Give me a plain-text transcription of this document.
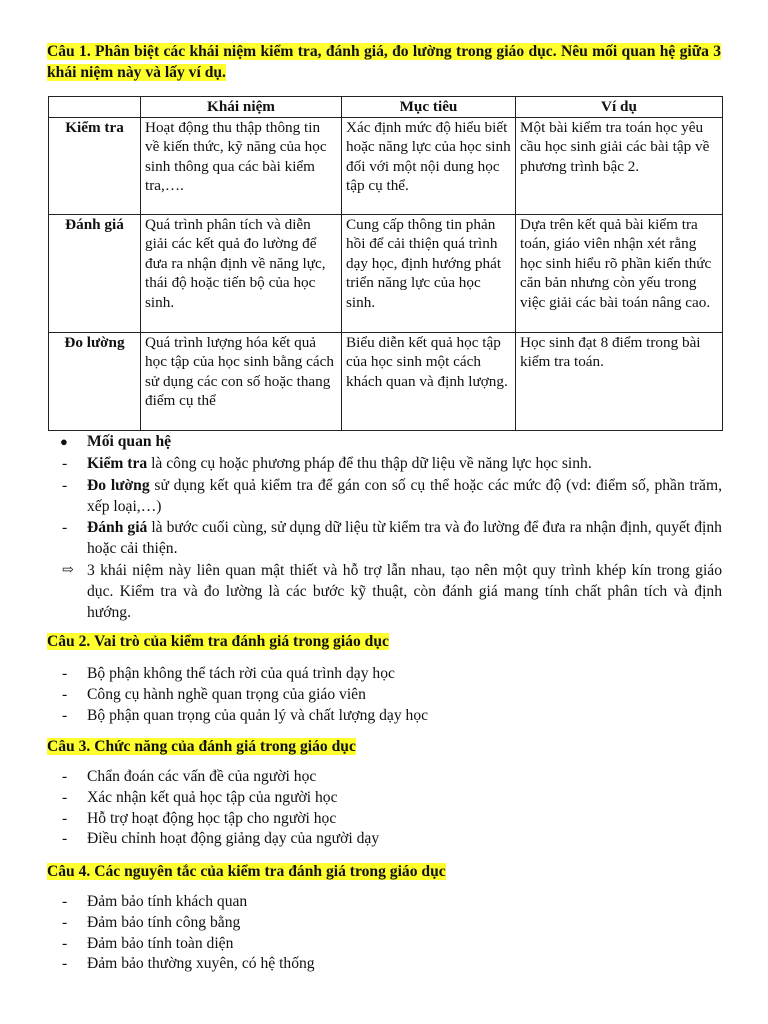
Câu 1. Phân biệt các khái niệm kiểm tra, đánh giá, đo lường trong giáo dục. Nêu mối quan hệ giữa 3 khái niệm này và lấy ví dụ.
	Khái niệm	Mục tiêu	Ví dụ
Kiểm tra	Hoạt động thu thập thông tin về kiến thức, kỹ năng của học sinh thông qua các bài kiểm tra,….	Xác định mức độ hiểu biết hoặc năng lực của học sinh đối với một nội dung học tập cụ thể.	Một bài kiểm tra toán học yêu cầu học sinh giải các bài tập về phương trình bậc 2.
Đánh giá	Quá trình phân tích và diễn giải các kết quả đo lường để đưa ra nhận định về năng lực, thái độ hoặc tiến bộ của học sinh.	Cung cấp thông tin phản hồi để cải thiện quá trình dạy học, định hướng phát triển năng lực của học sinh.	Dựa trên kết quả bài kiểm tra toán, giáo viên nhận xét rằng học sinh hiểu rõ phần kiến thức căn bản nhưng còn yếu trong việc giải các bài toán nâng cao.
Đo lường	Quá trình lượng hóa kết quả học tập của học sinh bằng cách sử dụng các con số hoặc thang điểm cụ thể	Biểu diễn kết quả học tập của học sinh một cách khách quan và định lượng.	Học sinh đạt 8 điểm trong bài kiểm tra toán.
● Mối quan hệ
- Kiểm tra là công cụ hoặc phương pháp để thu thập dữ liệu về năng lực học sinh.
- Đo lường sử dụng kết quả kiểm tra để gán con số cụ thể hoặc các mức độ (vd: điểm số, phần trăm, xếp loại,…)
- Đánh giá là bước cuối cùng, sử dụng dữ liệu từ kiểm tra và đo lường để đưa ra nhận định, quyết định hoặc cải thiện.
⇨ 3 khái niệm này liên quan mật thiết và hỗ trợ lẫn nhau, tạo nên một quy trình khép kín trong giáo dục. Kiểm tra và đo lường là các bước kỹ thuật, còn đánh giá mang tính chất phân tích và định hướng.
Câu 2. Vai trò của kiểm tra đánh giá trong giáo dục
- Bộ phận không thể tách rời của quá trình dạy học
- Công cụ hành nghề quan trọng của giáo viên
- Bộ phận quan trọng của quản lý và chất lượng dạy học
Câu 3. Chức năng của đánh giá trong giáo dục
- Chẩn đoán các vấn đề của người học
- Xác nhận kết quả học tập của người học
- Hỗ trợ hoạt động học tập cho người học
- Điều chỉnh hoạt động giảng dạy của người dạy
Câu 4. Các nguyên tắc của kiểm tra đánh giá trong giáo dục
- Đảm bảo tính khách quan
- Đảm bảo tính công bằng
- Đảm bảo tính toàn diện
- Đảm bảo thường xuyên, có hệ thống
